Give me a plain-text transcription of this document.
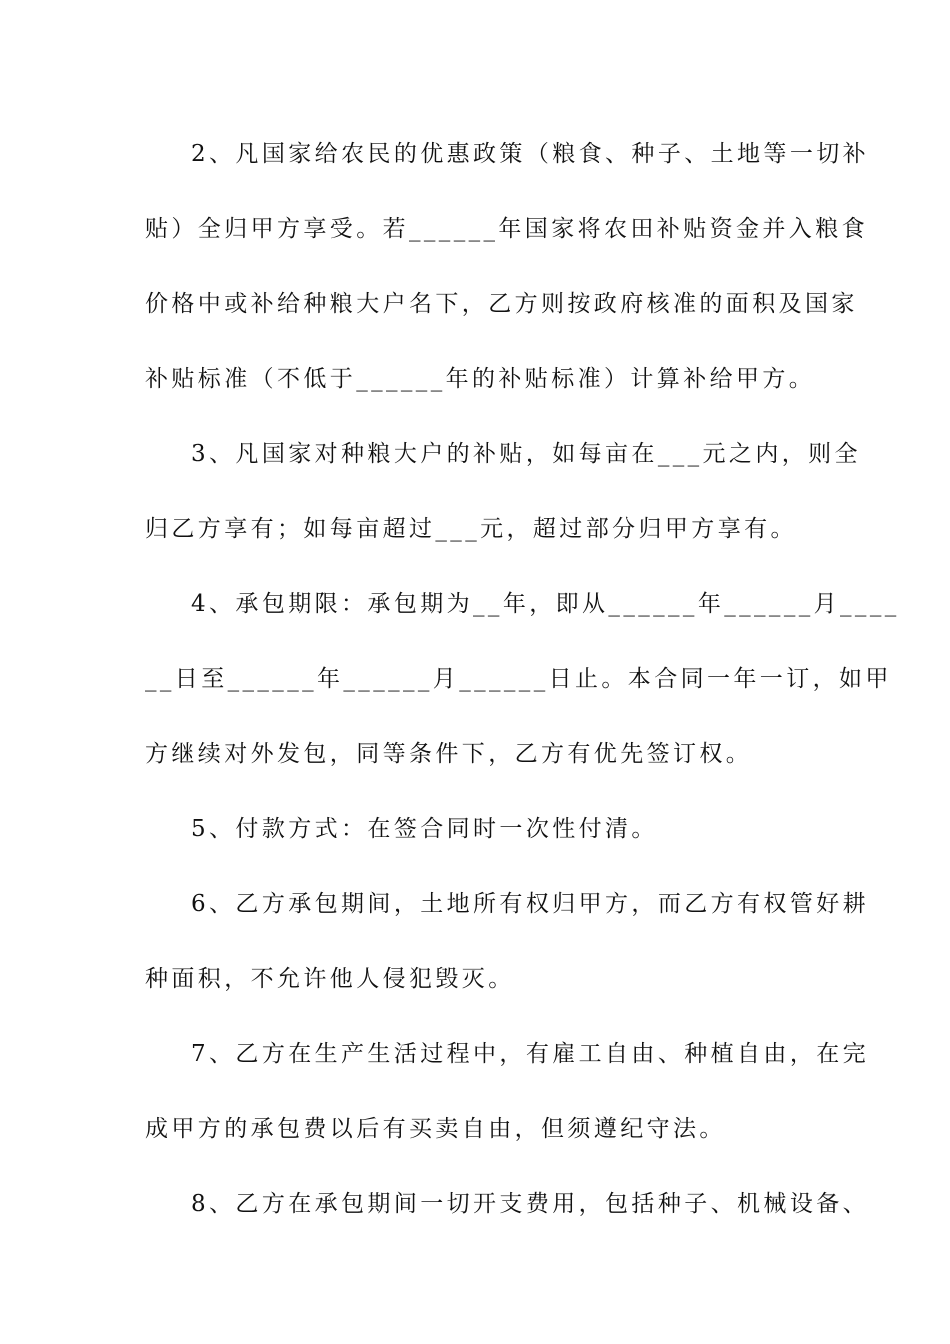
2、凡国家给农民的优惠政策（粮食、种子、土地等一切补
贴）全归甲方享受。若______年国家将农田补贴资金并入粮食
价格中或补给种粮大户名下，乙方则按政府核准的面积及国家
补贴标准（不低于______年的补贴标准）计算补给甲方。
3、凡国家对种粮大户的补贴，如每亩在___元之内，则全
归乙方享有；如每亩超过___元，超过部分归甲方享有。
4、承包期限：承包期为__年，即从______年______月____
__日至______年______月______日止。本合同一年一订，如甲
方继续对外发包，同等条件下，乙方有优先签订权。
5、付款方式：在签合同时一次性付清。
6、乙方承包期间，土地所有权归甲方，而乙方有权管好耕
种面积，不允许他人侵犯毁灭。
7、乙方在生产生活过程中，有雇工自由、种植自由，在完
成甲方的承包费以后有买卖自由，但须遵纪守法。
8、乙方在承包期间一切开支费用，包括种子、机械设备、
